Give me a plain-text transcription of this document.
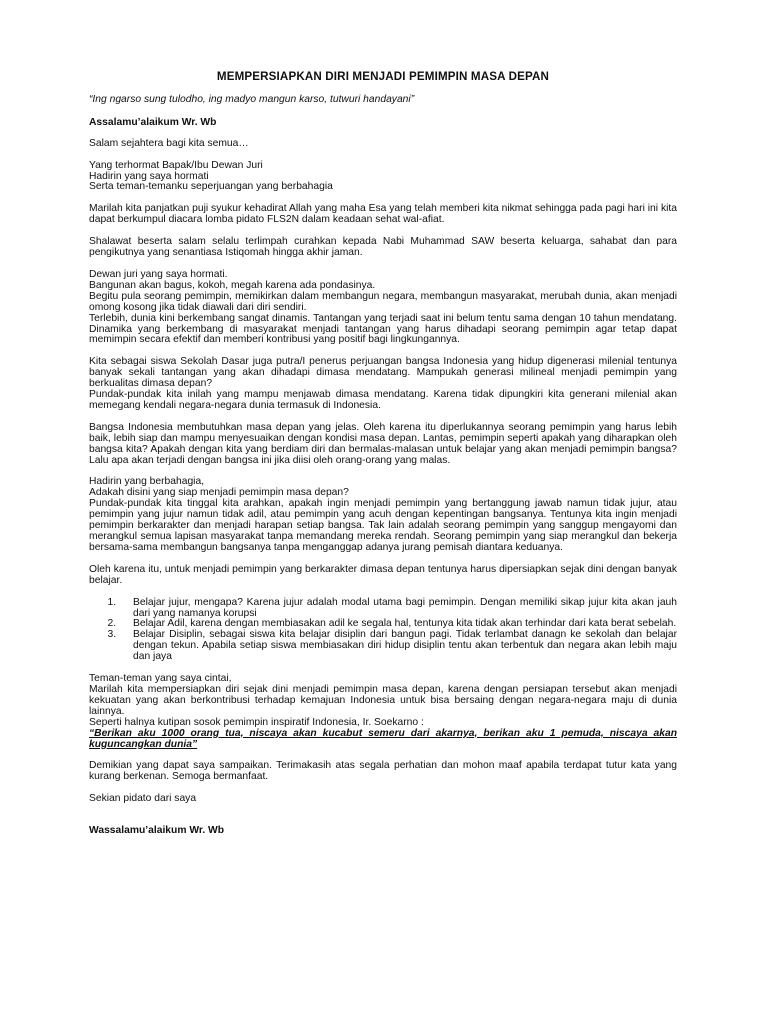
MEMPERSIAPKAN DIRI MENJADI PEMIMPIN MASA DEPAN
“Ing ngarso sung tulodho, ing madyo mangun karso, tutwuri handayani”
Assalamu’alaikum Wr. Wb

Salam sejahtera bagi kita semua…

Yang terhormat Bapak/Ibu Dewan Juri

Hadirin yang saya hormati

Serta teman-temanku seperjuangan yang berbahagia

Marilah kita panjatkan puji syukur kehadirat Allah yang maha Esa yang telah memberi kita nikmat sehingga pada pagi hari ini kita dapat berkumpul diacara lomba pidato FLS2N dalam keadaan sehat wal-afiat.

Shalawat beserta salam selalu terlimpah curahkan kepada Nabi Muhammad SAW beserta keluarga, sahabat dan para pengikutnya yang senantiasa Istiqomah hingga akhir jaman.

Dewan juri yang saya hormati.

Bangunan akan bagus, kokoh, megah karena ada pondasinya.

Begitu pula seorang pemimpin, memikirkan dalam membangun negara, membangun masyarakat, merubah dunia, akan menjadi omong kosong jika tidak diawali dari diri sendiri.

Terlebih, dunia kini berkembang sangat dinamis. Tantangan yang terjadi saat ini belum tentu sama dengan 10 tahun mendatang. Dinamika yang berkembang di masyarakat menjadi tantangan yang harus dihadapi seorang pemimpin agar tetap dapat memimpin secara efektif dan memberi kontribusi yang positif bagi lingkungannya.

Kita sebagai siswa Sekolah Dasar juga putra/I penerus perjuangan bangsa Indonesia yang hidup digenerasi milenial tentunya banyak sekali tantangan yang akan dihadapi dimasa mendatang. Mampukah generasi milineal menjadi pemimpin yang berkualitas dimasa depan?

Pundak-pundak kita inilah yang mampu menjawab dimasa mendatang. Karena tidak dipungkiri kita generani milenial akan memegang kendali negara-negara dunia termasuk di Indonesia.

Bangsa Indonesia membutuhkan masa depan yang jelas. Oleh karena itu diperlukannya seorang pemimpin yang harus lebih baik, lebih siap dan mampu menyesuaikan dengan kondisi masa depan. Lantas, pemimpin seperti apakah yang diharapkan oleh bangsa kita? Apakah dengan kita yang berdiam diri dan bermalas-malasan untuk belajar yang akan menjadi pemimpin bangsa? Lalu apa akan terjadi dengan bangsa ini jika diisi oleh orang-orang yang malas.

Hadirin yang berbahagia,

Adakah disini yang siap menjadi pemimpin masa depan?

Pundak-pundak kita tinggal kita arahkan, apakah ingin menjadi pemimpin yang bertanggung jawab namun tidak jujur, atau pemimpin yang jujur namun tidak adil, atau pemimpin yang acuh dengan kepentingan bangsanya. Tentunya kita ingin menjadi pemimpin berkarakter dan menjadi harapan setiap bangsa. Tak lain adalah seorang pemimpin yang sanggup mengayomi dan merangkul semua lapisan masyarakat tanpa memandang mereka rendah. Seorang pemimpin yang siap merangkul dan bekerja bersama-sama membangun bangsanya tanpa menganggap adanya jurang pemisah diantara keduanya.

Oleh karena itu, untuk menjadi pemimpin yang berkarakter dimasa depan tentunya harus dipersiapkan sejak dini dengan banyak belajar.

1. Belajar jujur, mengapa? Karena jujur adalah modal utama bagi pemimpin. Dengan memiliki sikap jujur kita akan jauh dari yang namanya korupsi
2. Belajar Adil, karena dengan membiasakan adil ke segala hal, tentunya kita tidak akan terhindar dari kata berat sebelah.
3. Belajar Disiplin, sebagai siswa kita belajar disiplin dari bangun pagi. Tidak terlambat danagn ke sekolah dan belajar dengan tekun. Apabila setiap siswa membiasakan diri hidup disiplin tentu akan terbentuk dan negara akan lebih maju dan jaya

Teman-teman yang saya cintai,

Marilah kita mempersiapkan diri sejak dini menjadi pemimpin masa depan, karena dengan persiapan tersebut akan menjadi kekuatan yang akan berkontribusi terhadap kemajuan Indonesia untuk bisa bersaing dengan negara-negara maju di dunia lainnya.

Seperti halnya kutipan sosok pemimpin inspiratif Indonesia, Ir. Soekarno :

“Berikan aku 1000 orang tua, niscaya akan kucabut semeru dari akarnya, berikan aku 1 pemuda, niscaya akan kuguncangkan dunia”

Demikian yang dapat saya sampaikan. Terimakasih atas segala perhatian dan mohon maaf apabila terdapat tutur kata yang kurang berkenan. Semoga bermanfaat.

Sekian pidato dari saya

Wassalamu’alaikum Wr. Wb
